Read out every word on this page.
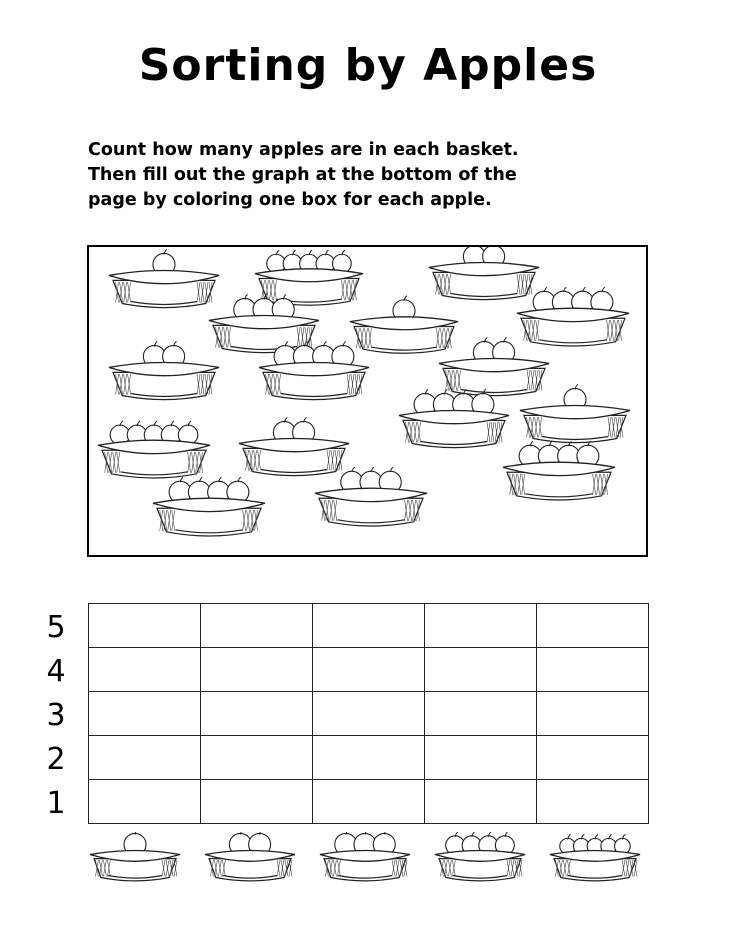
Sorting by Apples
Count how many apples are in each basket.
Then fill out the graph at the bottom of the
page by coloring one box for each apple.
5
4
3
2
1
